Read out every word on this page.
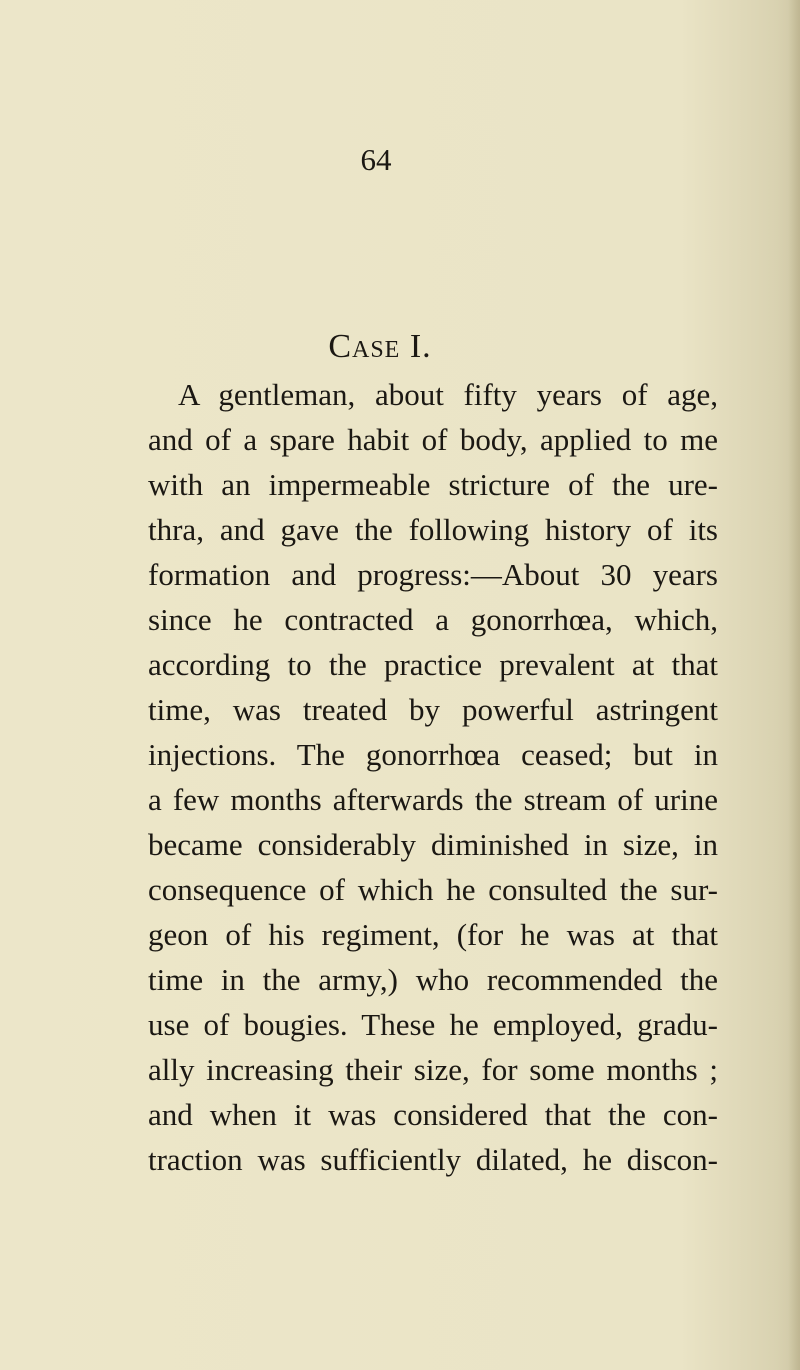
64
Case I.
A gentleman, about fifty years of age,
and of a spare habit of body, applied to me
with an impermeable stricture of the ure-
thra, and gave the following history of its
formation and progress:—About 30 years
since he contracted a gonorrhœa, which,
according to the practice prevalent at that
time, was treated by powerful astringent
injections. The gonorrhœa ceased; but in
a few months afterwards the stream of urine
became considerably diminished in size, in
consequence of which he consulted the sur-
geon of his regiment, (for he was at that
time in the army,) who recommended the
use of bougies. These he employed, gradu-
ally increasing their size, for some months ;
and when it was considered that the con-
traction was sufficiently dilated, he discon-
